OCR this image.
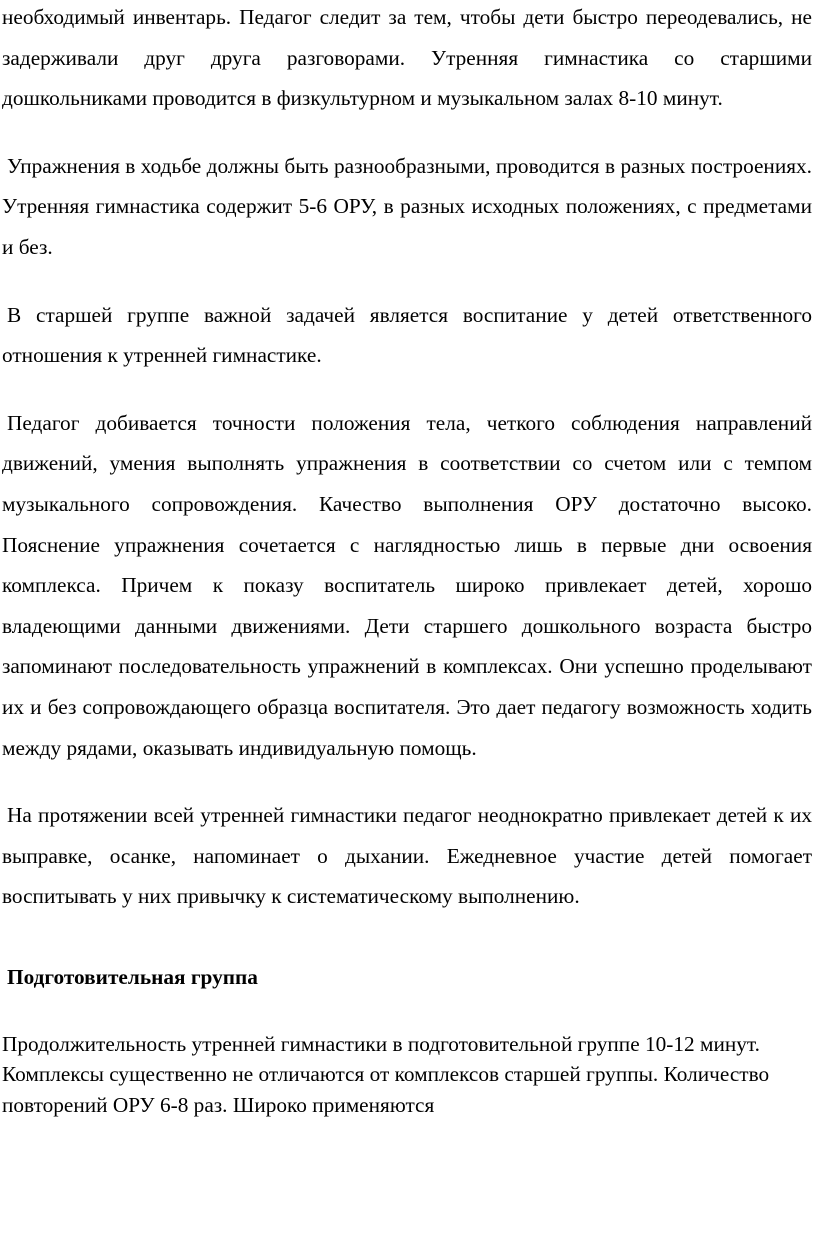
необходимый инвентарь. Педагог следит за тем, чтобы дети быстро переодевались, не задерживали друг друга разговорами. Утренняя гимнастика со старшими дошкольниками проводится в физкультурном и музыкальном залах 8-10 минут.

Упражнения в ходьбе должны быть разнообразными, проводится в разных построениях. Утренняя гимнастика содержит 5-6 ОРУ, в разных исходных положениях, с предметами и без.

В старшей группе важной задачей является воспитание у детей ответственного отношения к утренней гимнастике.

Педагог добивается точности положения тела, четкого соблюдения направлений движений, умения выполнять упражнения в соответствии со счетом или с темпом музыкального сопровождения. Качество выполнения ОРУ достаточно высоко. Пояснение упражнения сочетается с наглядностью лишь в первые дни освоения комплекса. Причем к показу воспитатель широко привлекает детей, хорошо владеющими данными движениями. Дети старшего дошкольного возраста быстро запоминают последовательность упражнений в комплексах. Они успешно проделывают их и без сопровождающего образца воспитателя. Это дает педагогу возможность ходить между рядами, оказывать индивидуальную помощь.

На протяжении всей утренней гимнастики педагог неоднократно привлекает детей к их выправке, осанке, напоминает о дыхании. Ежедневное участие детей помогает воспитывать у них привычку к систематическому выполнению.

Подготовительная группа

Продолжительность утренней гимнастики в подготовительной группе 10-12 минут. Комплексы существенно не отличаются от комплексов старшей группы. Количество повторений ОРУ 6-8 раз. Широко применяются
